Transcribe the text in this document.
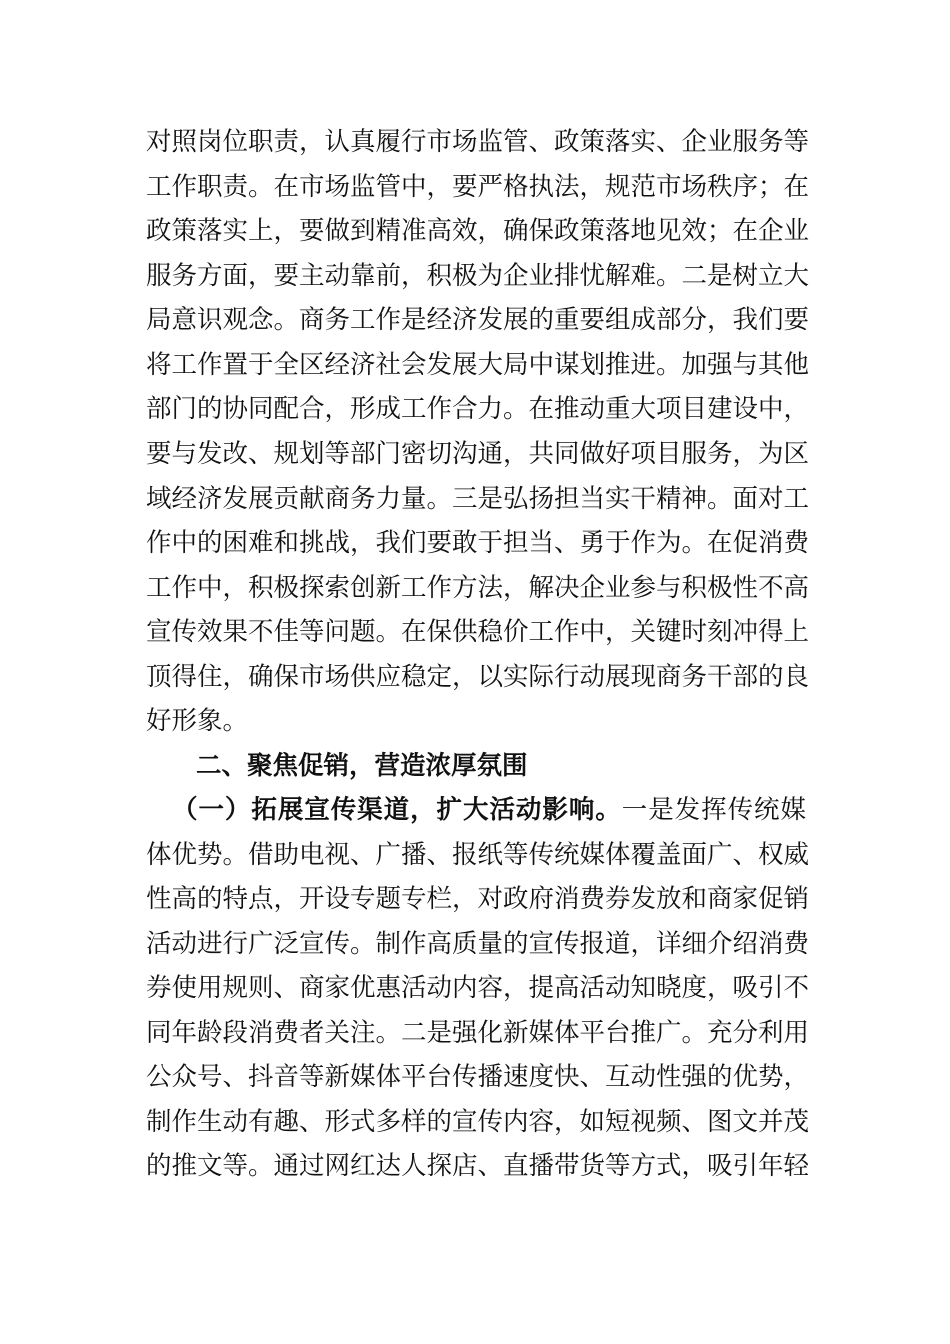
对照岗位职责，认真履行市场监管、政策落实、企业服务等
工作职责。在市场监管中，要严格执法，规范市场秩序；在
政策落实上，要做到精准高效，确保政策落地见效；在企业
服务方面，要主动靠前，积极为企业排忧解难。二是树立大
局意识观念。商务工作是经济发展的重要组成部分，我们要
将工作置于全区经济社会发展大局中谋划推进。加强与其他
部门的协同配合，形成工作合力。在推动重大项目建设中，
要与发改、规划等部门密切沟通，共同做好项目服务，为区
域经济发展贡献商务力量。三是弘扬担当实干精神。面对工
作中的困难和挑战，我们要敢于担当、勇于作为。在促消费
工作中，积极探索创新工作方法，解决企业参与积极性不高
宣传效果不佳等问题。在保供稳价工作中，关键时刻冲得上
顶得住，确保市场供应稳定，以实际行动展现商务干部的良
好形象。
二、聚焦促销，营造浓厚氛围
（一）拓展宣传渠道，扩大活动影响。一是发挥传统媒
体优势。借助电视、广播、报纸等传统媒体覆盖面广、权威
性高的特点，开设专题专栏，对政府消费券发放和商家促销
活动进行广泛宣传。制作高质量的宣传报道，详细介绍消费
券使用规则、商家优惠活动内容，提高活动知晓度，吸引不
同年龄段消费者关注。二是强化新媒体平台推广。充分利用
公众号、抖音等新媒体平台传播速度快、互动性强的优势，
制作生动有趣、形式多样的宣传内容，如短视频、图文并茂
的推文等。通过网红达人探店、直播带货等方式，吸引年轻
